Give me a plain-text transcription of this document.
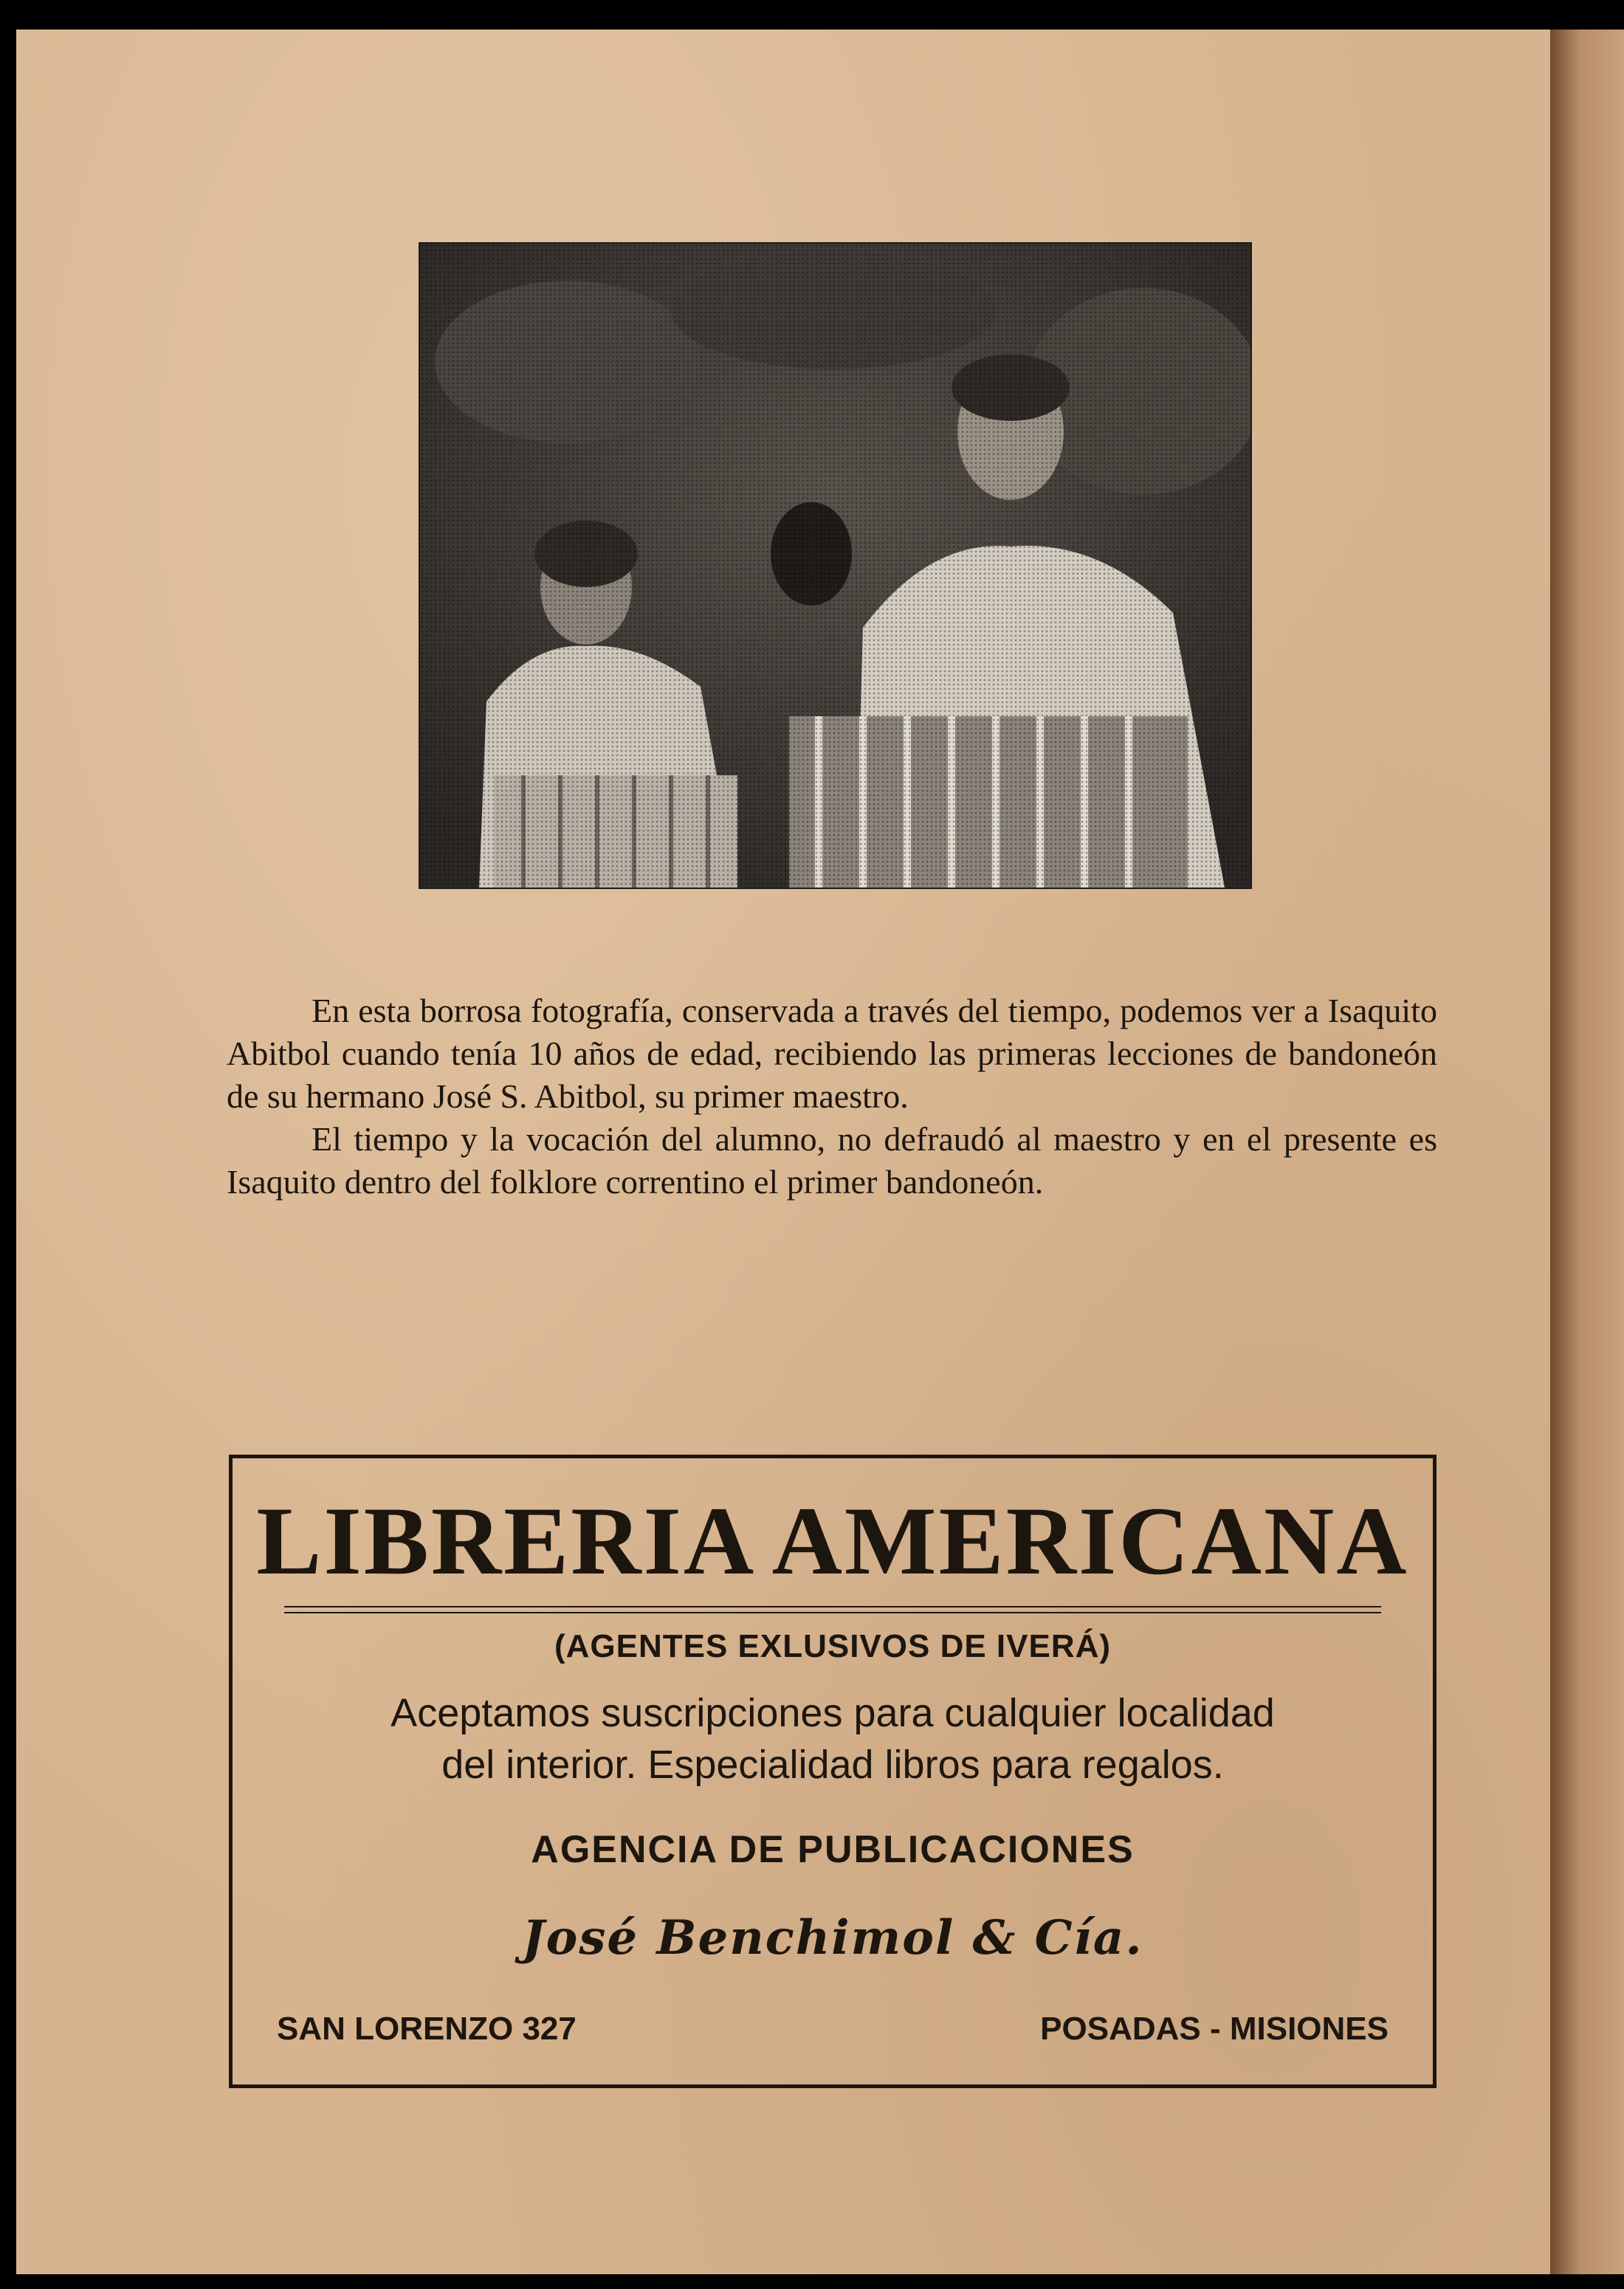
En esta borrosa fotografía, conservada a través del tiempo, podemos ver a Isaquito Abitbol cuando tenía 10 años de edad, recibiendo las primeras lecciones de bandoneón de su hermano José S. Abitbol, su primer maestro.

El tiempo y la vocación del alumno, no defraudó al maestro y en el presente es Isaquito dentro del folklore correntino el primer bandoneón.

LIBRERIA AMERICANA
(AGENTES EXLUSIVOS DE IVERÁ)
Aceptamos suscripciones para cualquier localidad
del interior. Especialidad libros para regalos.
AGENCIA DE PUBLICACIONES
José Benchimol & Cía.
SAN LORENZO 327	POSADAS - MISIONES
